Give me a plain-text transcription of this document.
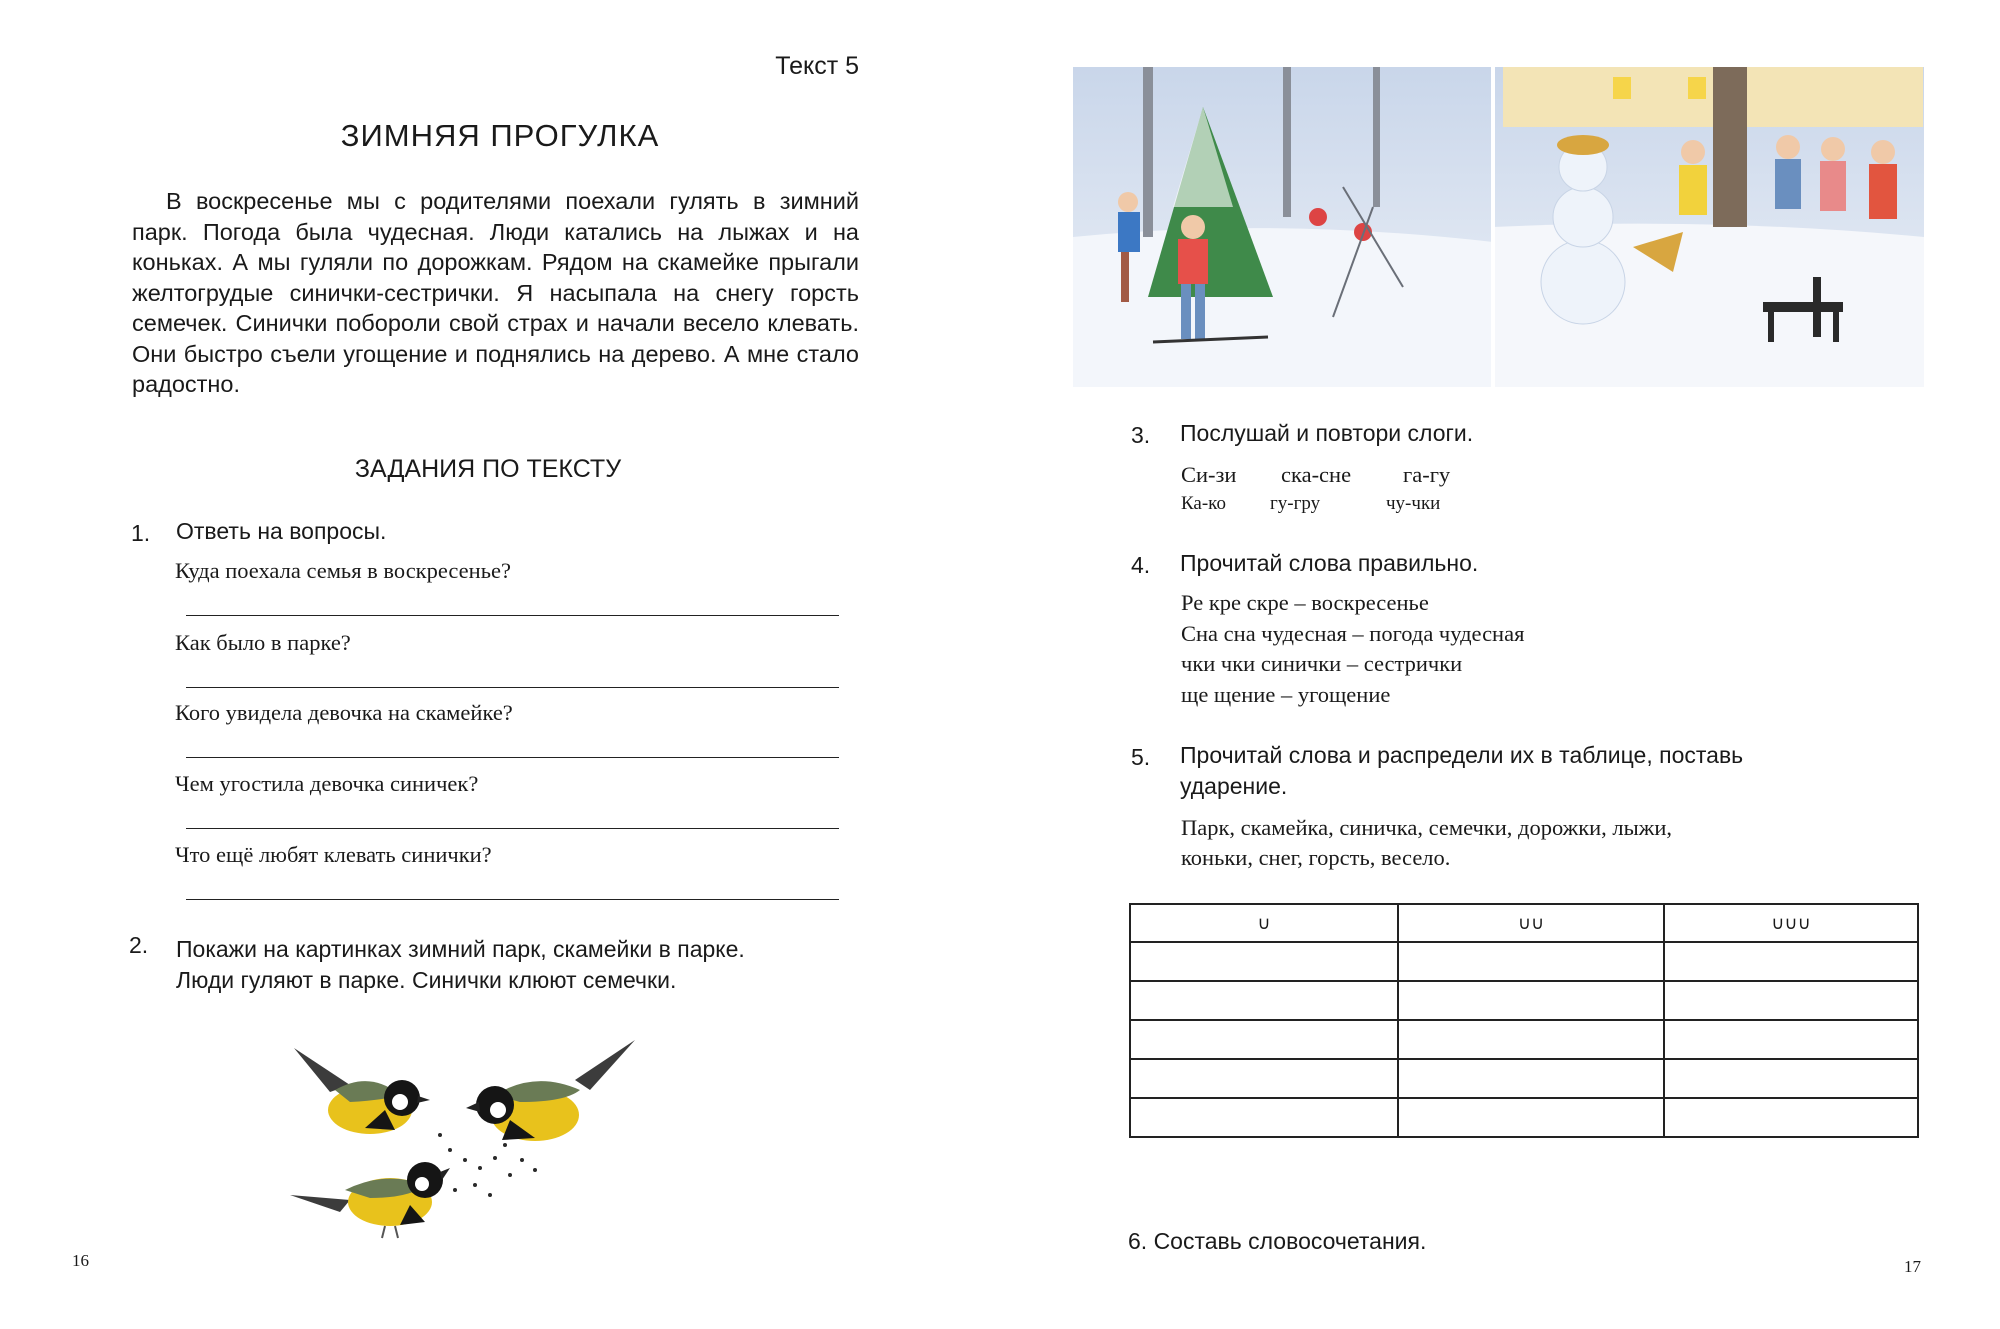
Текст 5
ЗИМНЯЯ ПРОГУЛКА

В воскресенье мы с родителями поехали гулять в зимний парк. Погода была чудесная. Люди катались на лыжах и на коньках. А мы гуляли по дорожкам. Рядом на скамейке прыгали желтогрудые синички-сестрички. Я насыпала на снегу горсть семечек. Синички поборoли свой страх и начали весело клевать. Они быстро съели угощение и поднялись на дерево. А мне стало радостно.

ЗАДАНИЯ ПО ТЕКСТУ
1. Ответь на вопросы.
Куда поехала семья в воскресенье?
Как было в парке?
Кого увидела девочка на скамейке?
Чем угостила девочка синичек?
Что ещё любят клевать синички?
2. Покажи на картинках зимний парк, скамейки в парке.
Люди гуляют в парке. Синички клюют семечки.
16
3. Послушай и повтори слоги.
Си-зи ска-сне га-гу
Ка-ко гу-гру	чу-чки
4. Прочитай слова правильно.
Ре кре скре – воскресенье
Сна сна чудесная – погода чудесная
чки чки синички – сестрички
ще щение – угощение
5. Прочитай слова и распредели их в таблице, поставь
ударение.
Парк, скамейка, синичка, семечки, дорожки, лыжи,
коньки, снег, горсть, весело.
∪	∪∪	∪∪∪

6. Составь словосочетания.
17
